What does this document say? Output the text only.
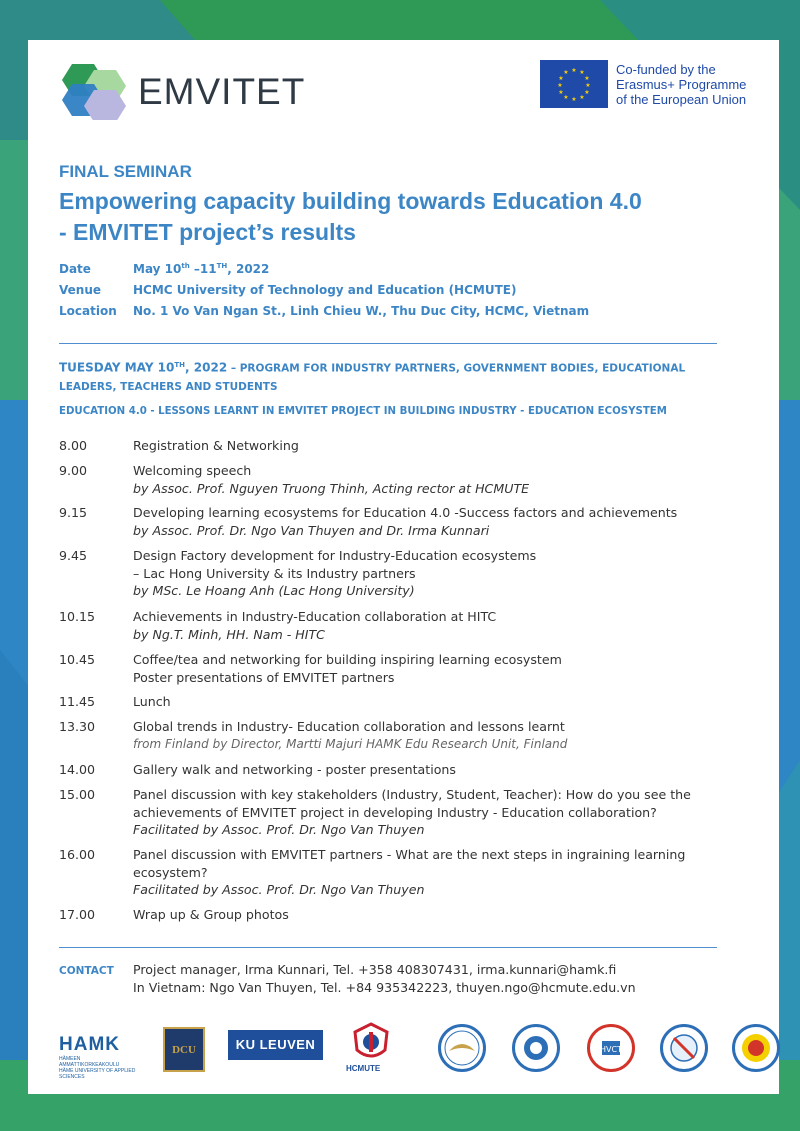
EMVITET
★ ★
★
★
★
★
★
★
★
★
★
★	Co-funded by the
Erasmus+ Programme
of the European Union
FINAL SEMINAR
Empowering capacity building towards Education 4.0
- EMVITET project’s results
Date	May 10th –11TH, 2022
Venue	HCMC University of Technology and Education (HCMUTE)
Location	No. 1 Vo Van Ngan St., Linh Chieu W., Thu Duc City, HCMC, Vietnam
TUESDAY MAY 10TH, 2022 – PROGRAM FOR INDUSTRY PARTNERS, GOVERNMENT BODIES, EDUCATIONAL LEADERS, TEACHERS AND STUDENTS
EDUCATION 4.0 - LESSONS LEARNT IN EMVITET PROJECT IN BUILDING INDUSTRY - EDUCATION ECOSYSTEM
8.00	Registration & Networking
9.00	Welcoming speech
by Assoc. Prof. Nguyen Truong Thinh, Acting rector at HCMUTE
9.15	Developing learning ecosystems for Education 4.0 -Success factors and achievements
by Assoc. Prof. Dr. Ngo Van Thuyen and Dr. Irma Kunnari
9.45	Design Factory development for Industry-Education ecosystems
– Lac Hong University & its Industry partners
by MSc. Le Hoang Anh (Lac Hong University)
10.15	Achievements in Industry-Education collaboration at HITC
by Ng.T. Minh, HH. Nam - HITC
10.45	Coffee/tea and networking for building inspiring learning ecosystem
Poster presentations of EMVITET partners
11.45	Lunch
13.30	Global trends in Industry- Education collaboration and lessons learnt
from Finland by Director, Martti Majuri HAMK Edu Research Unit, Finland
14.00	Gallery walk and networking - poster presentations
15.00	Panel discussion with key stakeholders (Industry, Student, Teacher): How do you see the
achievements of EMVITET project in developing Industry - Education collaboration?
Facilitated by Assoc. Prof. Dr. Ngo Van Thuyen
16.00	Panel discussion with EMVITET partners - What are the next steps in ingraining learning
ecosystem?
Facilitated by Assoc. Prof. Dr. Ngo Van Thuyen
17.00	Wrap up & Group photos
CONTACT Project manager, Irma Kunnari, Tel. +358 408307431, irma.kunnari@hamk.fi
In Vietnam: Ngo Van Thuyen, Tel. +84 935342223, thuyen.ngo@hcmute.edu.vn
HAMK
HÄMEEN AMMATTIKORKEAKOULU
HÄME UNIVERSITY OF APPLIED SCIENCES
DCU	KU LEUVEN
HCMUTE
HVCT
